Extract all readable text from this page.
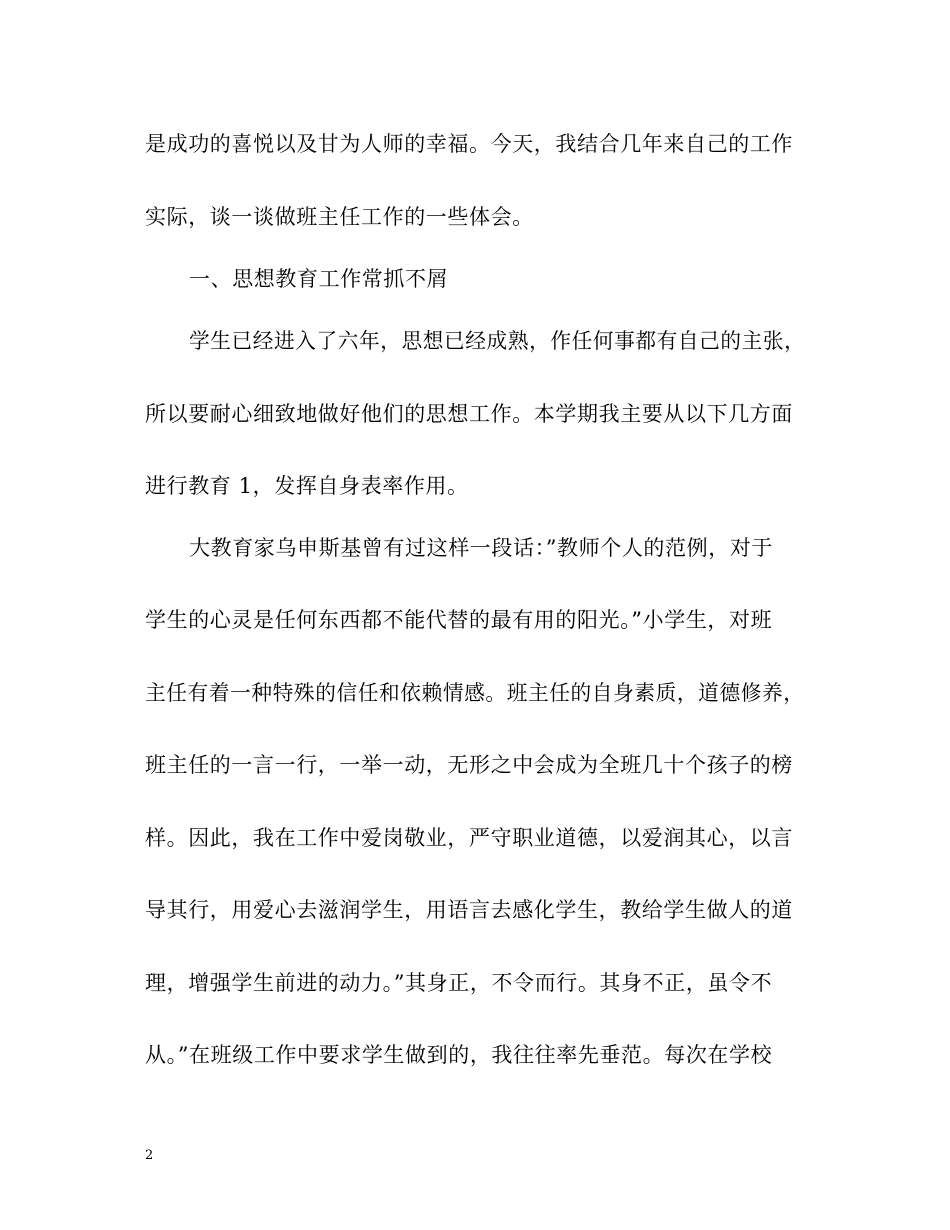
是成功的喜悦以及甘为人师的幸福。今天，我结合几年来自己的工作
实际，谈一谈做班主任工作的一些体会。
一、思想教育工作常抓不屑
学生已经进入了六年，思想已经成熟，作任何事都有自己的主张，
所以要耐心细致地做好他们的思想工作。本学期我主要从以下几方面
进行教育 1，发挥自身表率作用。
大教育家乌申斯基曾有过这样一段话：”教师个人的范例，对于
学生的心灵是任何东西都不能代替的最有用的阳光。”小学生，对班
主任有着一种特殊的信任和依赖情感。班主任的自身素质，道德修养，
班主任的一言一行，一举一动，无形之中会成为全班几十个孩子的榜
样。因此，我在工作中爱岗敬业，严守职业道德，以爱润其心，以言
导其行，用爱心去滋润学生，用语言去感化学生，教给学生做人的道
理，增强学生前进的动力。”其身正，不令而行。其身不正，虽令不
从。”在班级工作中要求学生做到的，我往往率先垂范。每次在学校
2
